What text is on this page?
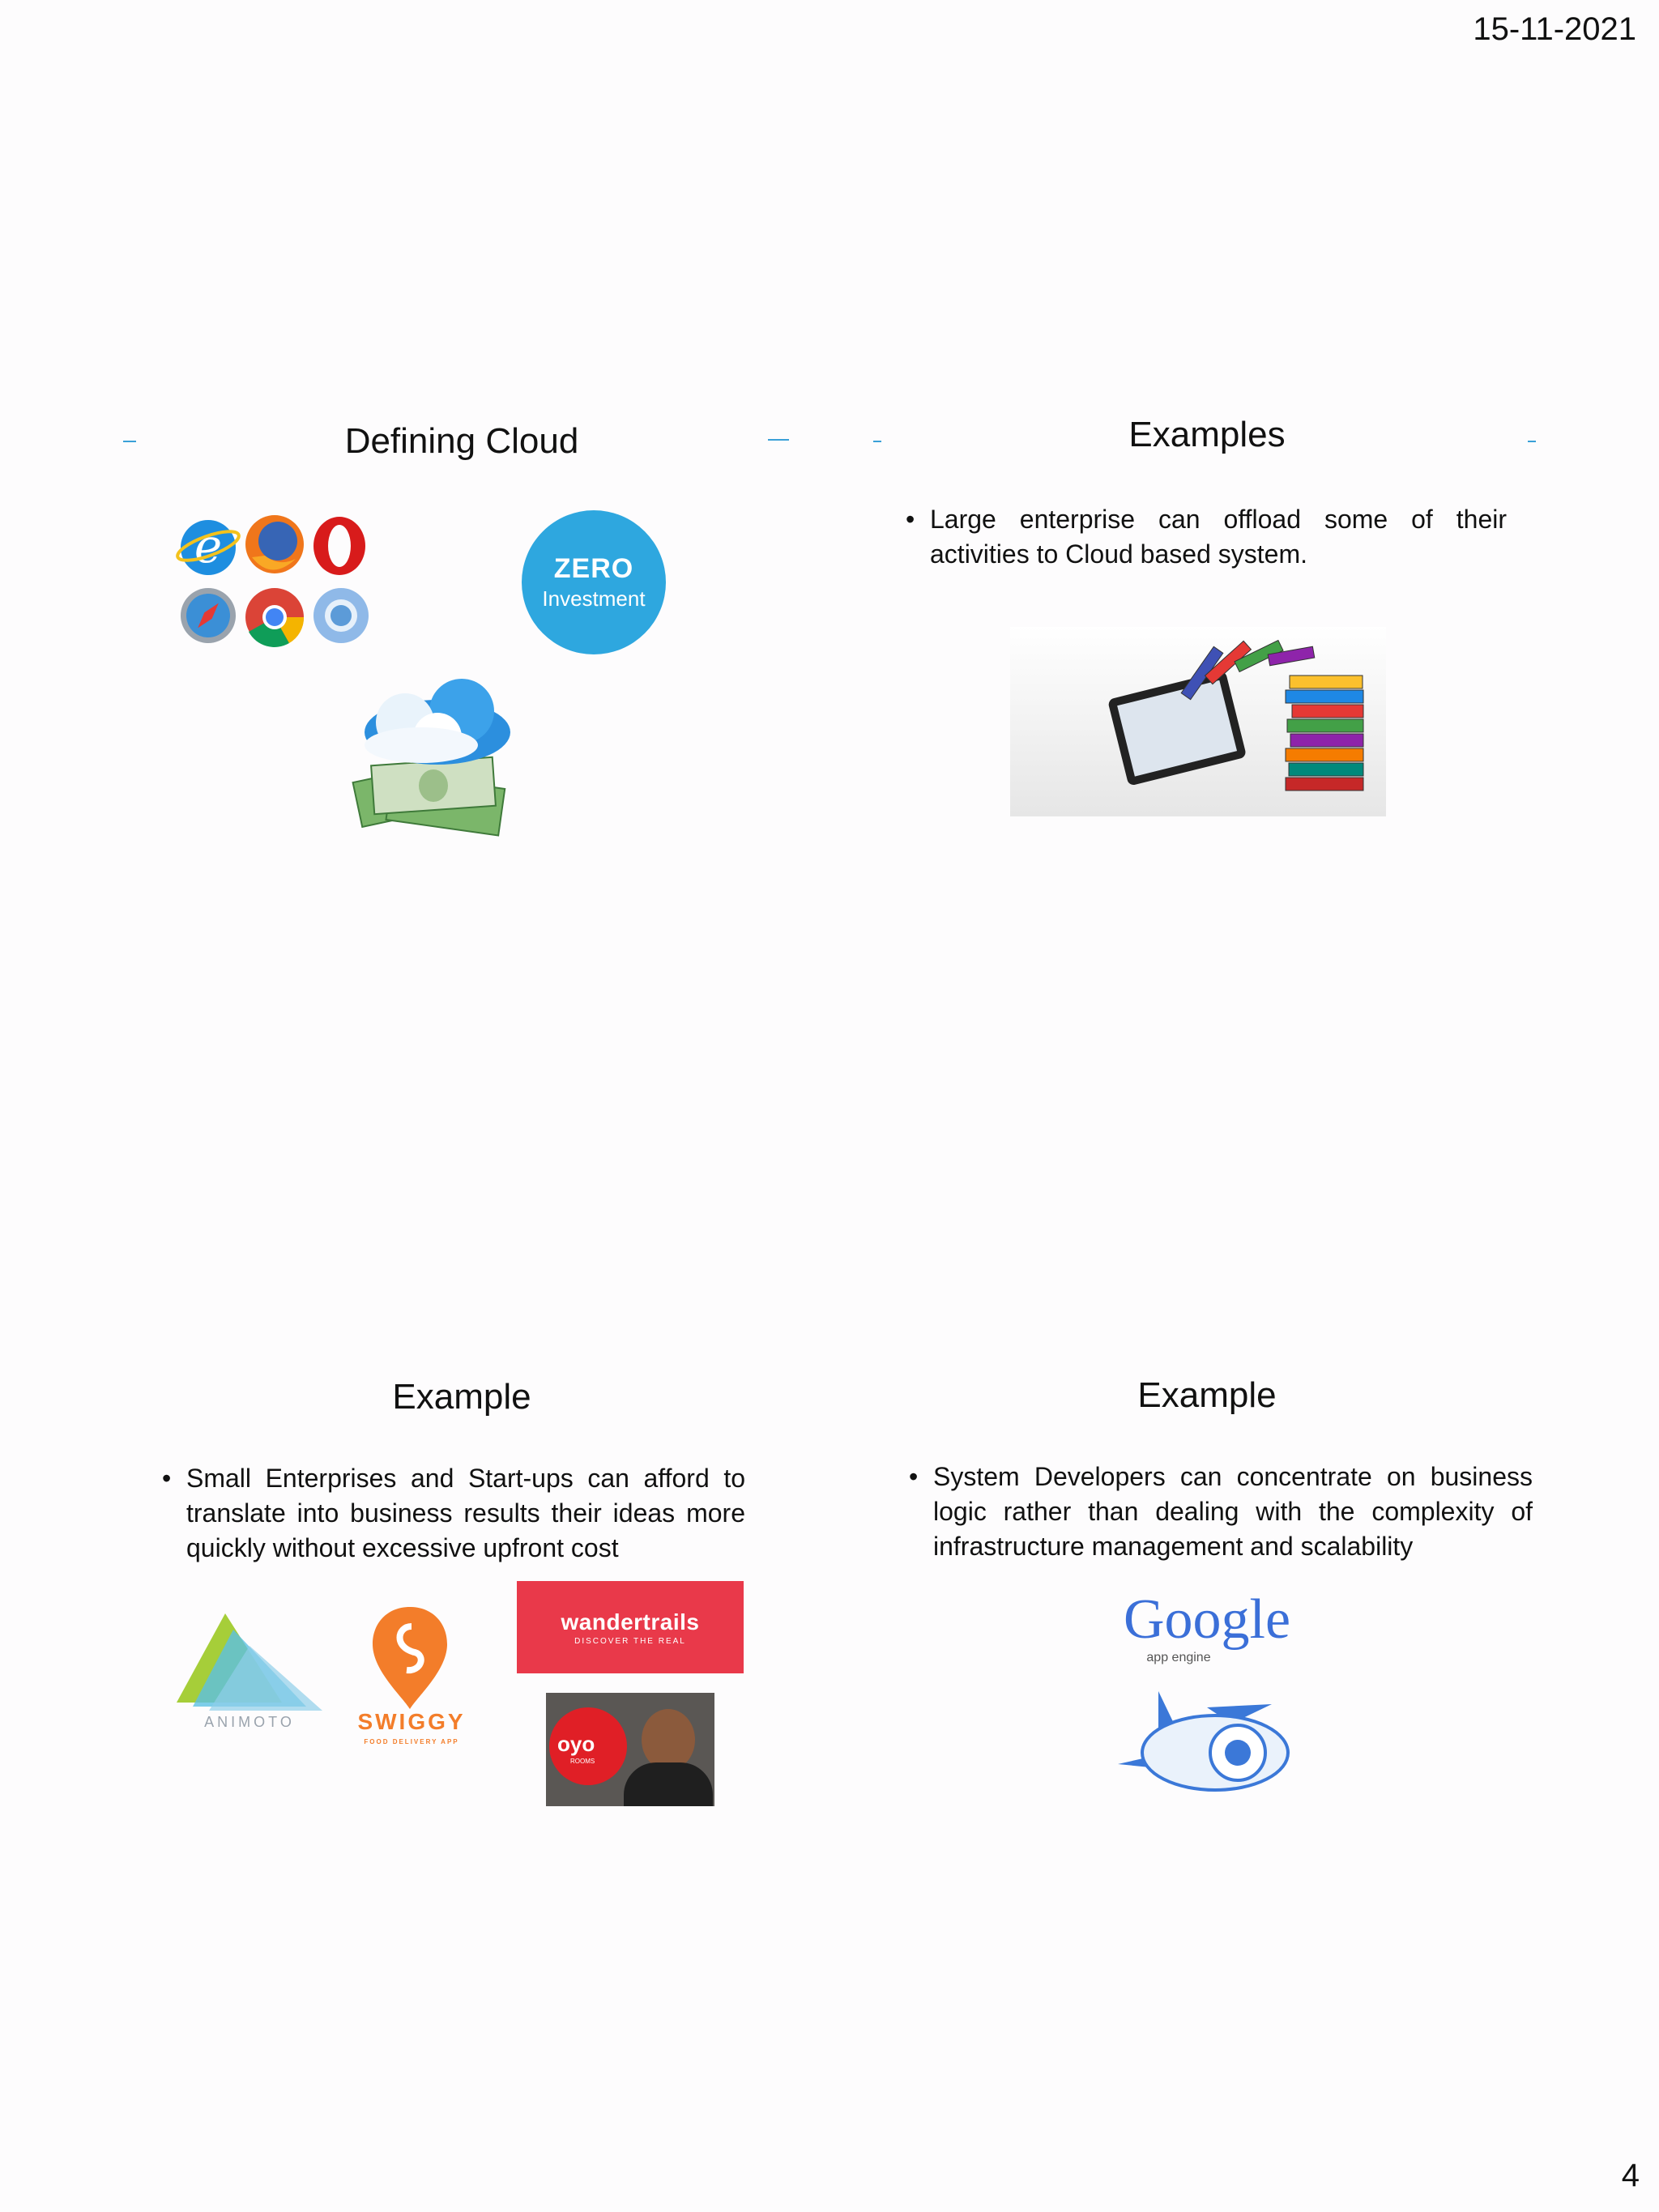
15-11-2021
Defining Cloud
e	ZERO
Investment
Examples
• Large enterprise can offload some of their activities to Cloud based system.
Example
• Small Enterprises and Start-ups can afford to translate into business results their ideas more quickly without excessive upfront cost
ANIMOTO	SWIGGY
FOOD DELIVERY APP
wandertrails
DISCOVER THE REAL
oyo
ROOMS
Example
• System Developers can concentrate on business logic rather than dealing with the complexity of infrastructure management and scalability
Google
app engine
4
